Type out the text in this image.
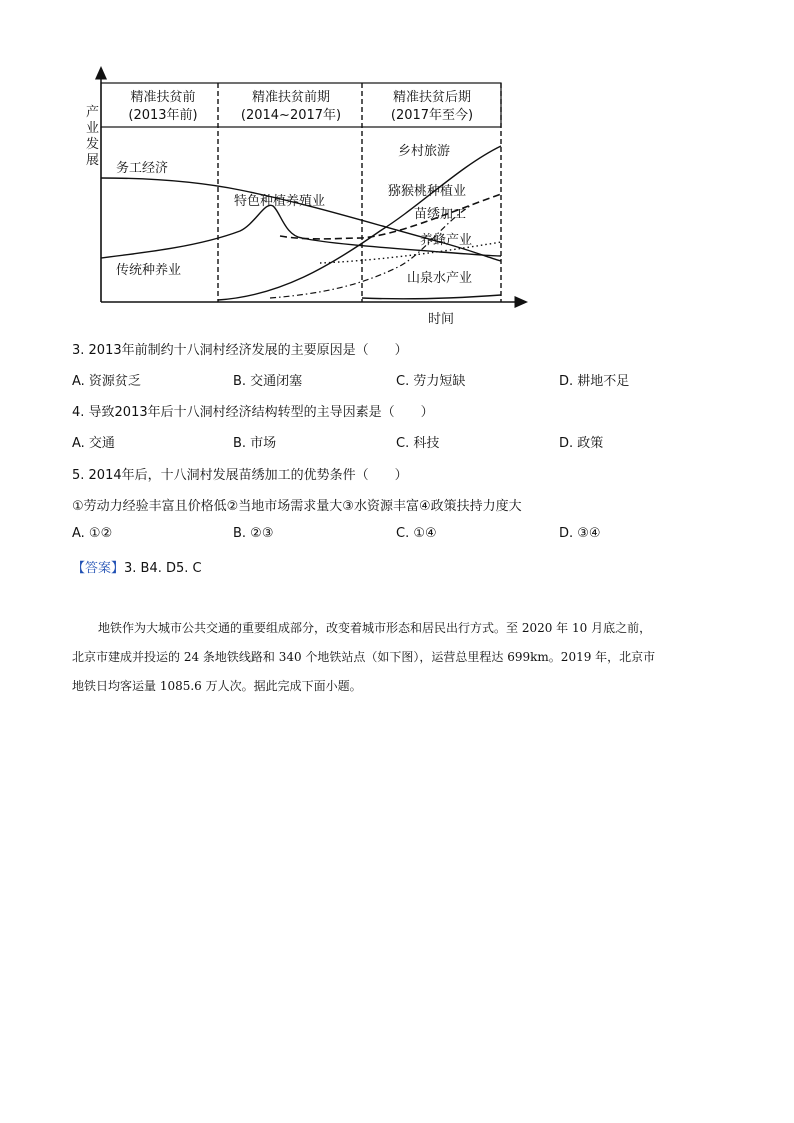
精准扶贫前
(2013年前)
精准扶贫前期
(2014~2017年)
精准扶贫后期
(2017年至今)
产
业
发
展
时间
务工经济
特色种植养殖业
传统种养业
乡村旅游
猕猴桃种植业
苗绣加工
养蜂产业
山泉水产业
3. 2013年前制约十八洞村经济发展的主要原因是（　　）
A. 资源贫乏	B. 交通闭塞	C. 劳力短缺	D. 耕地不足
4. 导致2013年后十八洞村经济结构转型的主导因素是（　　）
A. 交通	B. 市场	C. 科技	D. 政策
5. 2014年后，十八洞村发展苗绣加工的优势条件（　　）
①劳动力经验丰富且价格低②当地市场需求量大③水资源丰富④政策扶持力度大
A. ①②	B. ②③	C. ①④	D. ③④
【答案】3. B4. D5. C
地铁作为大城市公共交通的重要组成部分，改变着城市形态和居民出行方式。至 2020 年 10 月底之前，
北京市建成并投运的 24 条地铁线路和 340 个地铁站点（如下图），运营总里程达 699km。2019 年，北京市
地铁日均客运量 1085.6 万人次。据此完成下面小题。
